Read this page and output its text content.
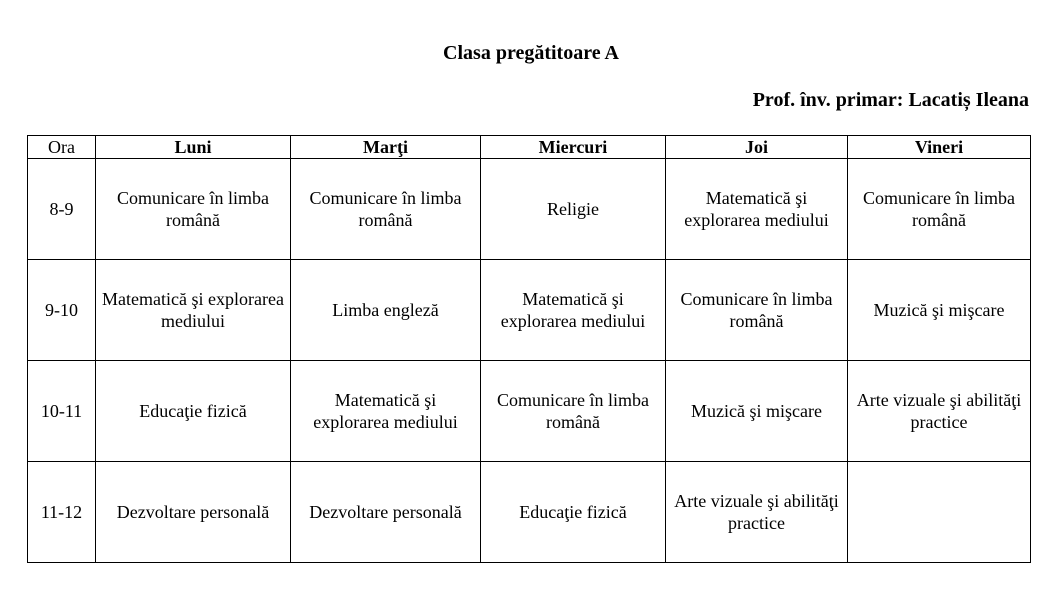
Clasa pregătitoare A
Prof. înv. primar: Lacatiș Ileana
Ora	Luni	Marţi	Miercuri	Joi	Vineri
8-9	Comunicare în limba română	Comunicare în limba română	Religie	Matematică şi explorarea mediului	Comunicare în limba română
9-10	Matematică şi explorarea mediului	Limba engleză	Matematică şi explorarea mediului	Comunicare în limba română	Muzică şi mişcare
10-11	Educaţie fizică	Matematică şi explorarea mediului	Comunicare în limba română	Muzică şi mişcare	Arte vizuale şi abilităţi practice
11-12	Dezvoltare personală	Dezvoltare personală	Educaţie fizică	Arte vizuale şi abilităţi practice	
